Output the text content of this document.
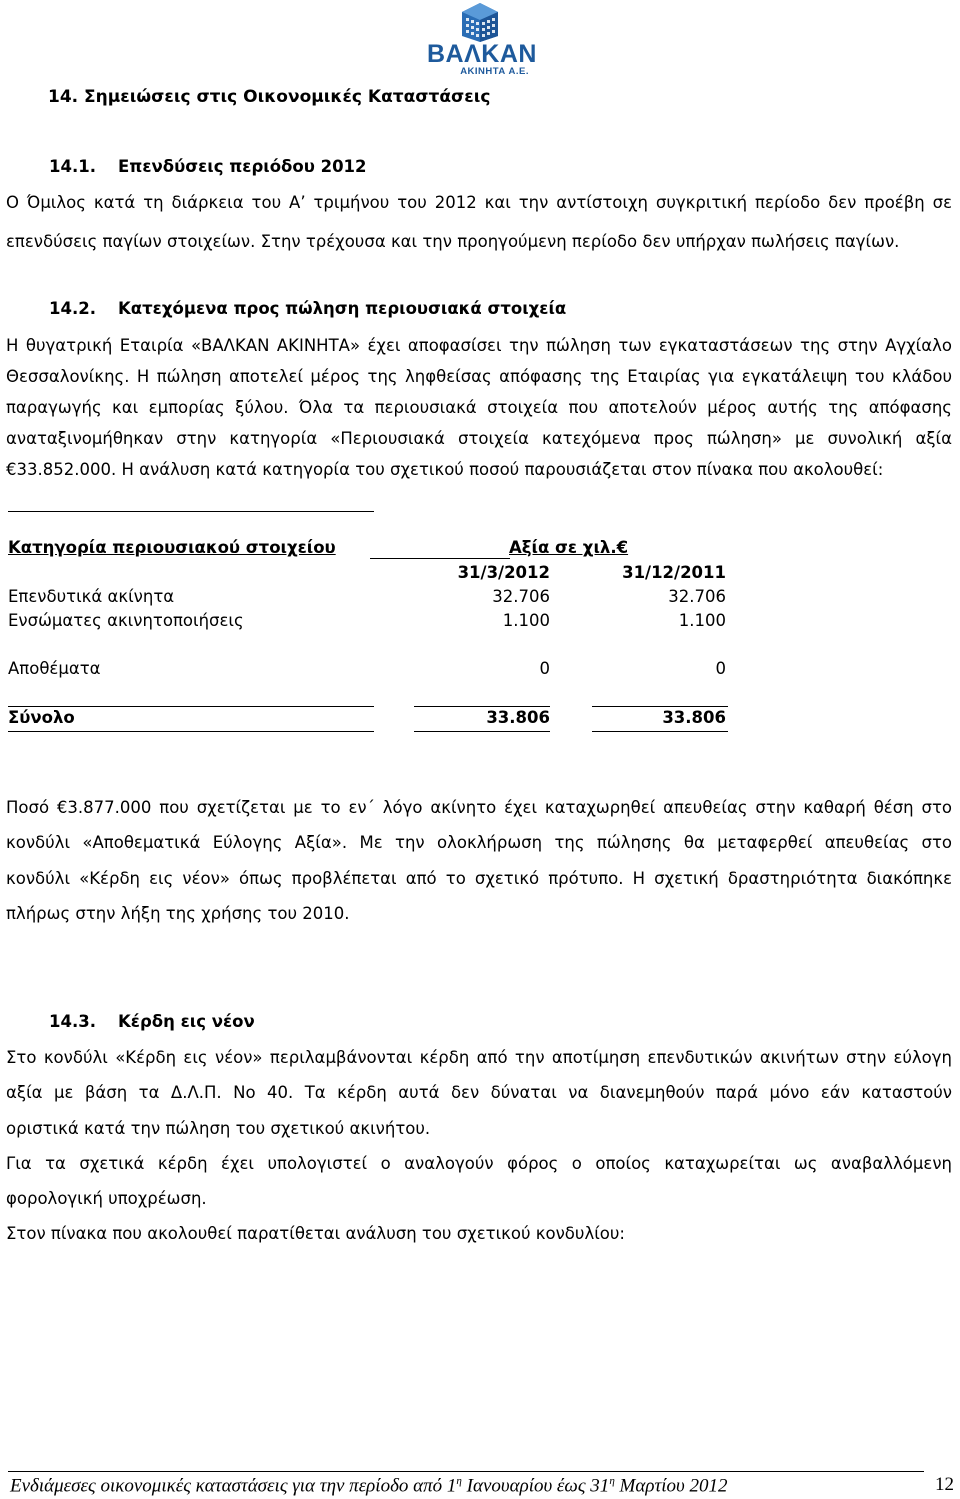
ΒΑΛΚΑΝ
ΑΚΙΝΗΤΑ Α.Ε.
14. Σημειώσεις στις Οικονομικές Καταστάσεις
14.1. Επενδύσεις περιόδου 2012
Ο Όμιλος κατά τη διάρκεια του Α’ τριμήνου του 2012 και την αντίστοιχη συγκριτική περίοδο δεν προέβη σε
επενδύσεις παγίων στοιχείων. Στην τρέχουσα και την προηγούμενη περίοδο δεν υπήρχαν πωλήσεις παγίων.
14.2. Κατεχόμενα προς πώληση περιουσιακά στοιχεία
Η θυγατρική Εταιρία «ΒΑΛΚΑΝ ΑΚΙΝΗΤΑ» έχει αποφασίσει την πώληση των εγκαταστάσεων της στην Αγχίαλο
Θεσσαλονίκης. Η πώληση αποτελεί μέρος της ληφθείσας απόφασης της Εταιρίας για εγκατάλειψη του κλάδου
παραγωγής και εμπορίας ξύλου. Όλα τα περιουσιακά στοιχεία που αποτελούν μέρος αυτής της απόφασης
αναταξινομήθηκαν στην κατηγορία «Περιουσιακά στοιχεία κατεχόμενα προς πώληση» με συνολική αξία
€33.852.000. Η ανάλυση κατά κατηγορία του σχετικού ποσού παρουσιάζεται στον πίνακα που ακολουθεί:
Κατηγορία περιουσιακού στοιχείου	Αξία σε χιλ.€
31/3/2012	31/12/2011
Επενδυτικά ακίνητα	32.706	32.706
Ενσώματες ακινητοποιήσεις	1.100	1.100
Αποθέματα	0	0
Σύνολο	33.806	33.806
Ποσό €3.877.000 που σχετίζεται με το εν΄ λόγο ακίνητο έχει καταχωρηθεί απευθείας στην καθαρή θέση στο
κονδύλι «Αποθεματικά Εύλογης Αξία». Με την ολοκλήρωση της πώλησης θα μεταφερθεί απευθείας στο
κονδύλι «Κέρδη εις νέον» όπως προβλέπεται από το σχετικό πρότυπο. Η σχετική δραστηριότητα διακόπηκε
πλήρως στην λήξη της χρήσης του 2010.
14.3. Κέρδη εις νέον
Στο κονδύλι «Κέρδη εις νέον» περιλαμβάνονται κέρδη από την αποτίμηση επενδυτικών ακινήτων στην εύλογη
αξία με βάση τα Δ.Λ.Π. Νο 40. Τα κέρδη αυτά δεν δύναται να διανεμηθούν παρά μόνο εάν καταστούν
οριστικά κατά την πώληση του σχετικού ακινήτου.
Για τα σχετικά κέρδη έχει υπολογιστεί ο αναλογούν φόρος ο οποίος καταχωρείται ως αναβαλλόμενη
φορολογική υποχρέωση.
Στον πίνακα που ακολουθεί παρατίθεται ανάλυση του σχετικού κονδυλίου:
Ενδιάμεσες οικονομικές καταστάσεις για την περίοδο από $1^\eta$ Ιανουαρίου έως $31^\eta$ Μαρτίου 2012	12
